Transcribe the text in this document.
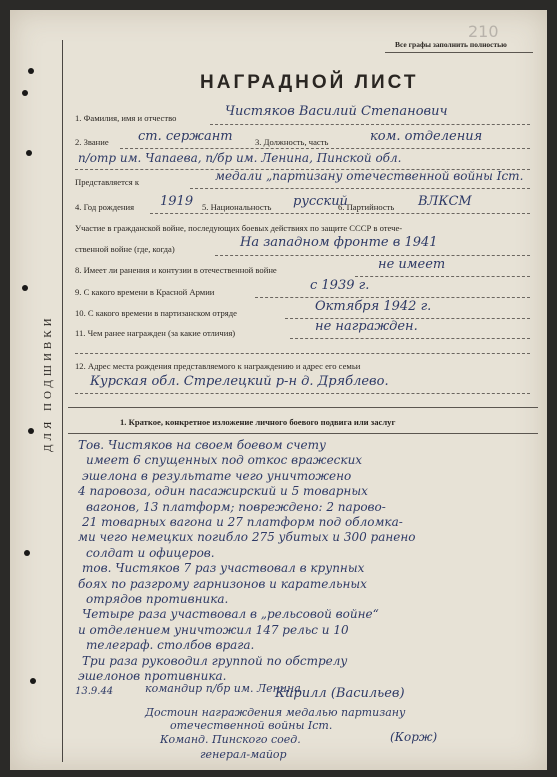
ДЛЯ ПОДШИВКИ
Все графы заполнить полностью
210
НАГРАДНОЙ ЛИСТ
1. Фамилия, имя и отчество	Чистяков Василий Степанович
2. Звание ст. сержант	3. Должность, часть	ком. отделения
п/отр им. Чапаева, п/бр им. Ленина, Пинской обл.
Представляется к	медали „партизану отечественной войны Iст.
4. Год рождения 1919 5. Национальность русский
6. Партийность ВЛКСМ
Участие в гражданской войне, последующих боевых действиях по защите СССР в отече-
ственной войне (где, когда)	На западном фронте в 1941
8. Имеет ли ранения и контузии в отечественной войне	не имеет
9. С какого времени в Красной Армии	с 1939 г.
10. С какого времени в партизанском отряде	Октября 1942 г.
11. Чем ранее награжден (за какие отличия)	не награжден.
12. Адрес места рождения представляемого к награждению и адрес его семьи
Курская обл. Стрелецкий р-н д. Дряблево.
1. Краткое, конкретное изложение личного боевого подвига или заслуг
Тов. Чистяков на своем боевом счету
имеет 6 спущенных под откос вражеских
эшелона в результате чего уничтожено
4 паровоза, один пасажирский и 5 товарных
вагонов, 13 платформ; повреждено: 2 парово-
21 товарных вагона и 27 платформ под обломка-
ми чего немецких погибло 275 убитых и 300 ранено
солдат и офицеров.
тов. Чистяков 7 раз участвовал в крупных
боях по разгрому гарнизонов и карательных
отрядов противника.
Четыре раза участвовал в „рельсовой войне“
и отделением уничтожил 147 рельс и 10
телеграф. столбов врага.
Три раза руководил группой по обстрелу
эшелонов противника.
13.9.44	командир п/бр им. Ленина
Кирилл (Васильев)
Достоин награждения медалью партизану
отечественной войны Iст.
Команд. Пинского соед.
генерал-майор
(Корж)
